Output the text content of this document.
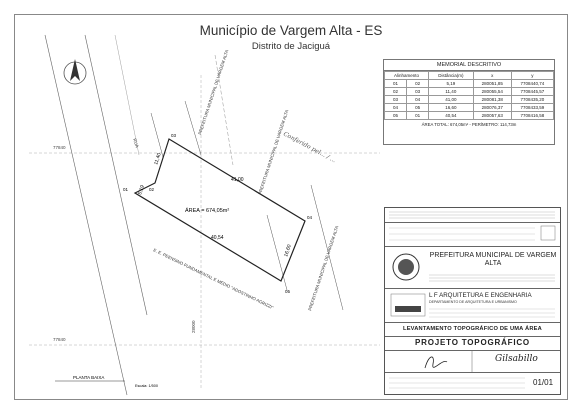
Município de Vargem Alta - ES
Distrito de Jaciguá
77840
77840
28000
RUA
01	02
03
04
05
11,40
5,19
41,00
40,54
16,60
ÁREA = 674,05m²
PREFEITURA MUNICIPAL DE VARGEM ALTA
PREFEITURA MUNICIPAL DE VARGEM ALTA
PREFEITURA MUNICIPAL DE VARGEM ALTA
E. E. PEENSINO FUNDAMENTAL E MÉDIO "AGOSTINHO AGRIZZI"
Conferido pel... / ...
PLANTA BAIXA
Escala: 1/500
MEMORIAL DESCRITIVO
Alinhamento		Distância(m)	x	y
01	02	5,19	280051,85	7708440,74
02	03	11,40	280055,54	7708445,57
03	04	41,00	280081,38	7708435,20
04	05	16,60	280076,37	7708433,59
05	01	40,54	280057,63	7708416,58
ÁREA TOTAL: 674,05m² - PERÍMETRO: 114,73m
PREFEITURA MUNICIPAL DE VARGEM ALTA
L F ARQUITETURA E ENGENHARIA
DEPARTAMENTO DE ARQUITETURA E URBANISMO
LEVANTAMENTO TOPOGRÁFICO DE UMA ÁREA
PROJETO TOPOGRÁFICO
Gilsabillo
01/01
